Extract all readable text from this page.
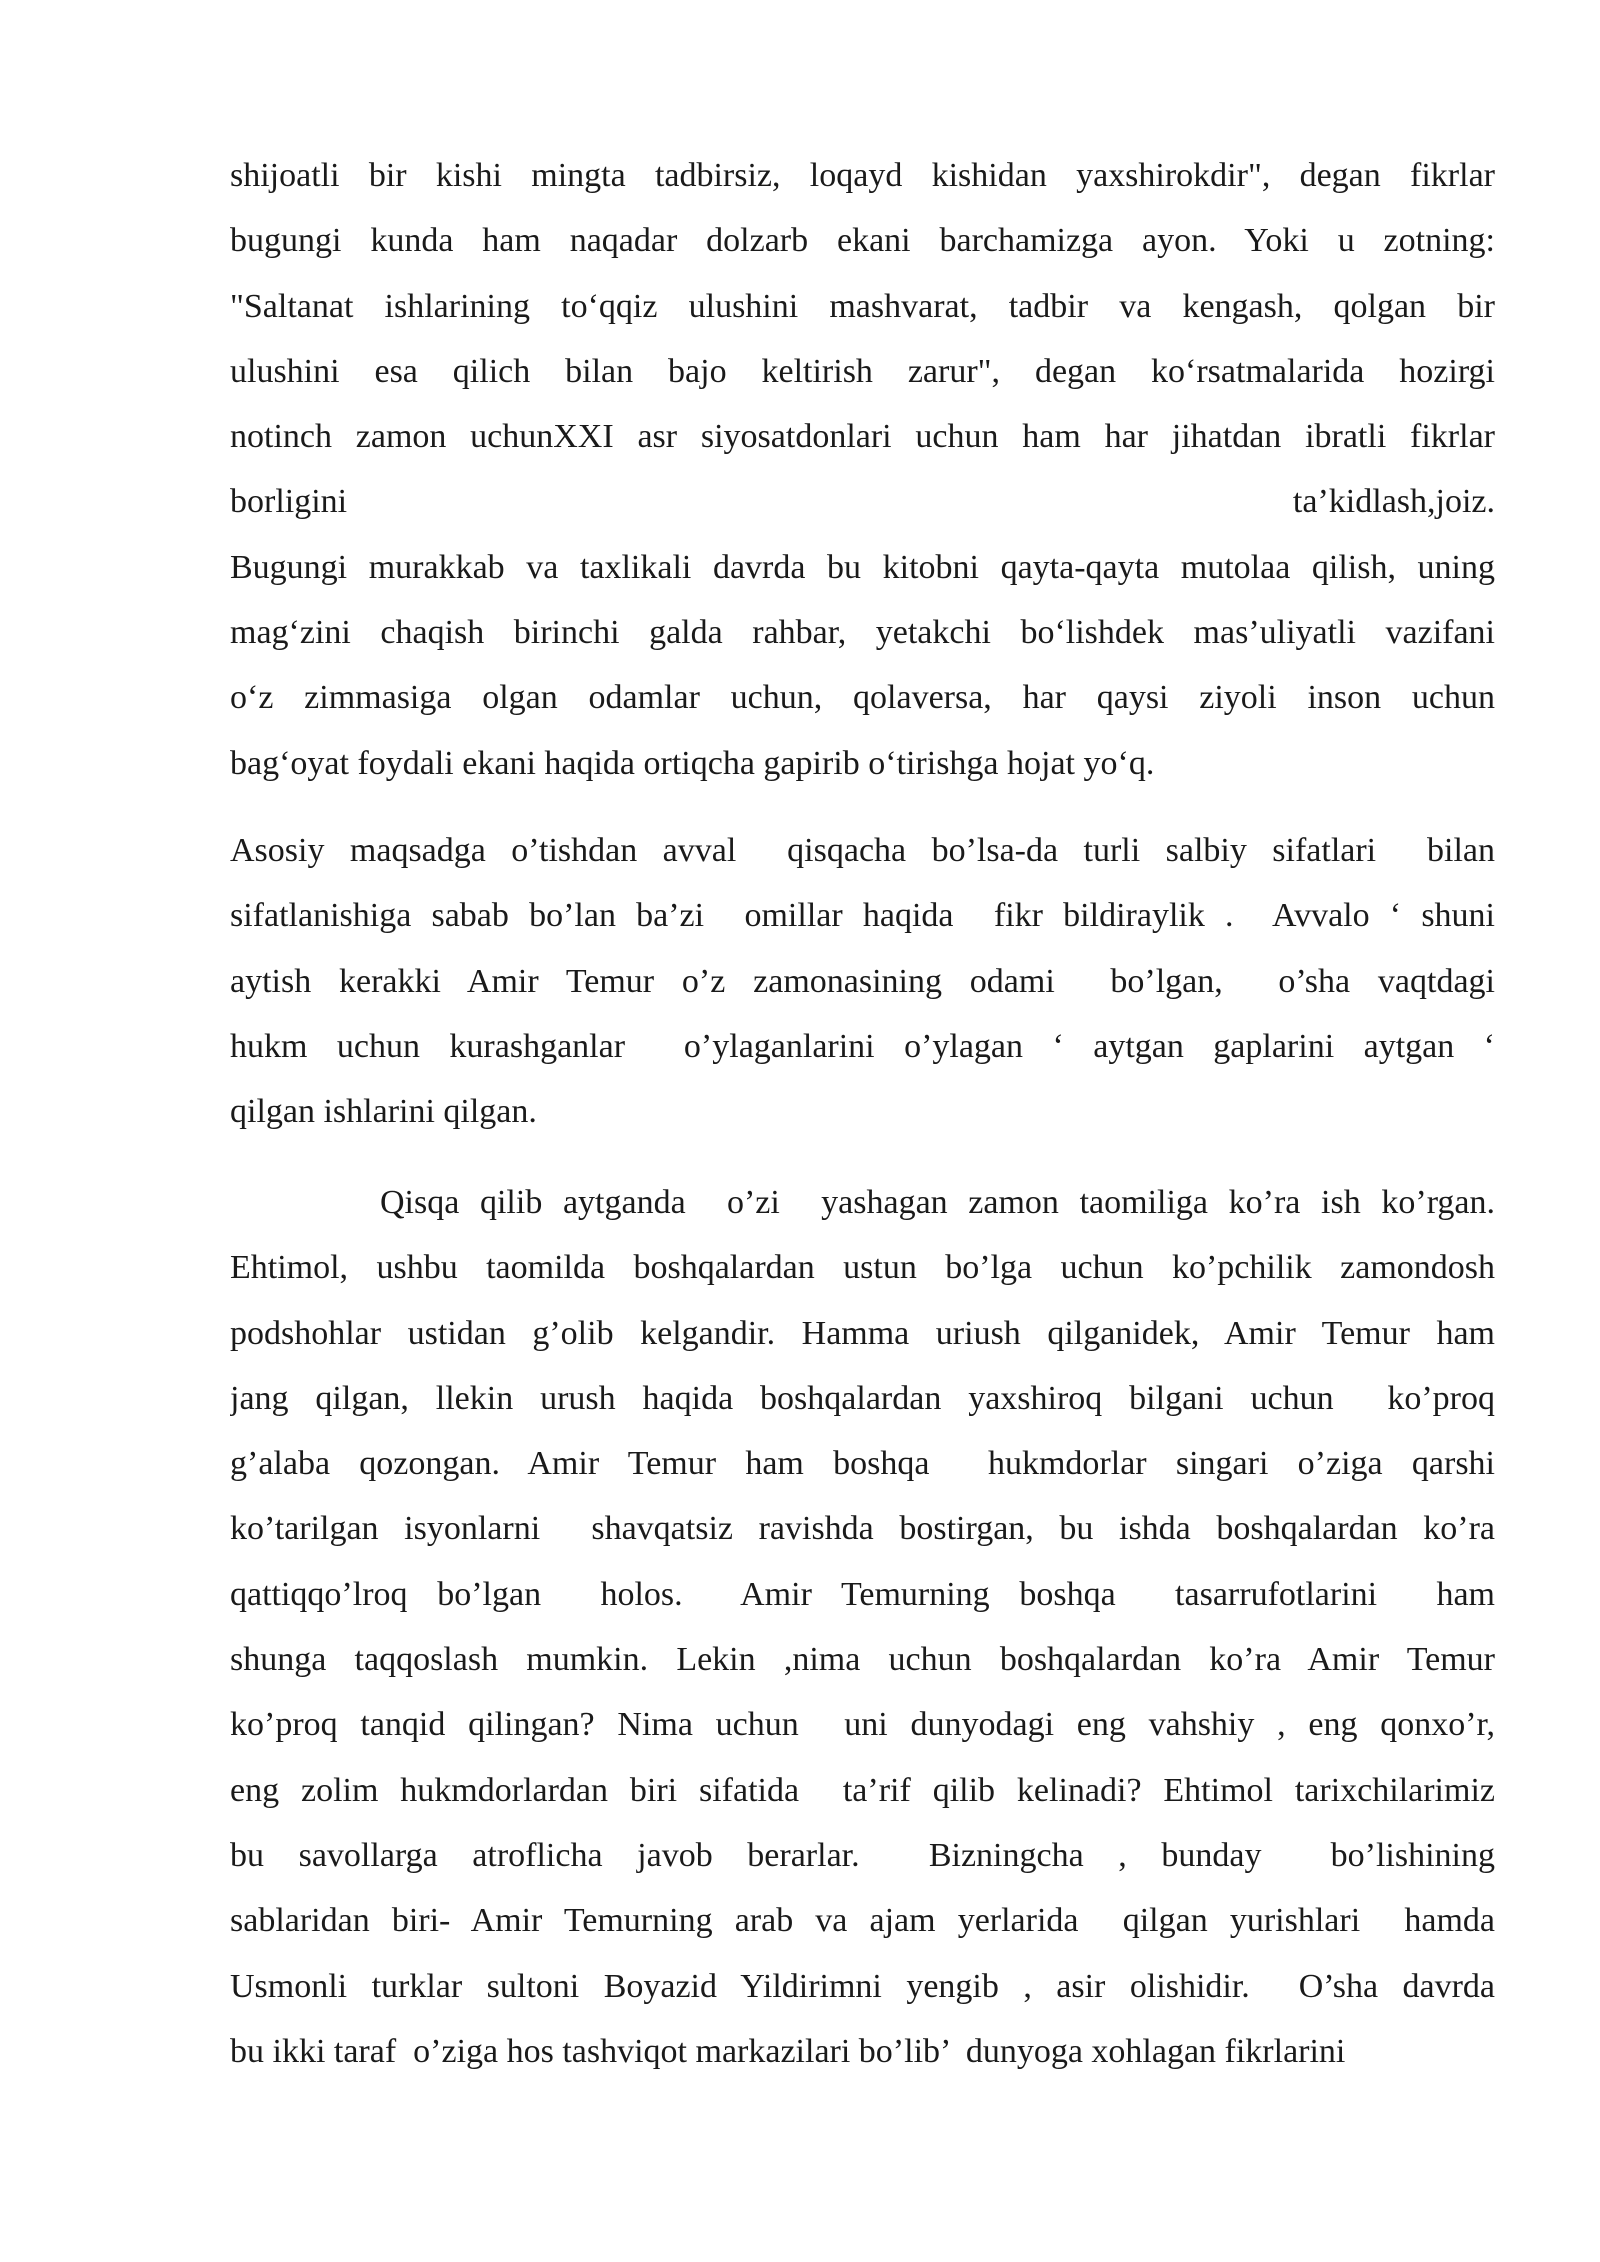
shijoatli bir kishi mingta tadbirsiz, loqayd kishidan yaxshirokdir", degan fikrlar
bugungi kunda ham naqadar dolzarb ekani barchamizga ayon. Yoki u zotning:
"Saltanat ishlarining to‘qqiz ulushini mashvarat, tadbir va kengash, qolgan bir
ulushini esa qilich bilan bajo keltirish zarur", degan ko‘rsatmalarida hozirgi
notinch zamon uchunXXI asr siyosatdonlari uchun ham har jihatdan ibratli fikrlar
borligini ta’kidlash,joiz.
Bugungi murakkab va taxlikali davrda bu kitobni qayta-qayta mutolaa qilish, uning
mag‘zini chaqish birinchi galda rahbar, yetakchi bo‘lishdek mas’uliyatli vazifani
o‘z zimmasiga olgan odamlar uchun, qolaversa, har qaysi ziyoli inson uchun
bag‘oyat foydali ekani haqida ortiqcha gapirib o‘tirishga hojat yo‘q.
Asosiy maqsadga o’tishdan avval  qisqacha bo’lsa-da turli salbiy sifatlari  bilan
sifatlanishiga sabab bo’lan ba’zi  omillar haqida  fikr bildiraylik .  Avvalo ‘ shuni
aytish kerakki Amir Temur o’z zamonasining odami  bo’lgan,  o’sha vaqtdagi
hukm uchun kurashganlar  o’ylaganlarini o’ylagan ‘ aytgan gaplarini aytgan ‘
qilgan ishlarini qilgan.
Qisqa qilib aytganda  o’zi  yashagan zamon taomiliga ko’ra ish ko’rgan.
Ehtimol, ushbu taomilda boshqalardan ustun bo’lga uchun ko’pchilik zamondosh
podshohlar ustidan g’olib kelgandir. Hamma uriush qilganidek, Amir Temur ham
jang qilgan, llekin urush haqida boshqalardan yaxshiroq bilgani uchun  ko’proq
g’alaba qozongan. Amir Temur ham boshqa  hukmdorlar singari o’ziga qarshi
ko’tarilgan isyonlarni  shavqatsiz ravishda bostirgan, bu ishda boshqalardan ko’ra
qattiqqo’lroq bo’lgan  holos.  Amir Temurning boshqa  tasarrufotlarini  ham
shunga taqqoslash mumkin. Lekin ,nima uchun boshqalardan ko’ra Amir Temur
ko’proq tanqid qilingan? Nima uchun  uni dunyodagi eng vahshiy , eng qonxo’r,
eng zolim hukmdorlardan biri sifatida  ta’rif qilib kelinadi? Ehtimol tarixchilarimiz
bu savollarga atroflicha javob berarlar.  Bizningcha , bunday  bo’lishining
sablaridan biri- Amir Temurning arab va ajam yerlarida  qilgan yurishlari  hamda
Usmonli turklar sultoni Boyazid Yildirimni yengib , asir olishidir.  O’sha davrda
bu ikki taraf  o’ziga hos tashviqot markazilari bo’lib’  dunyoga xohlagan fikrlarini
